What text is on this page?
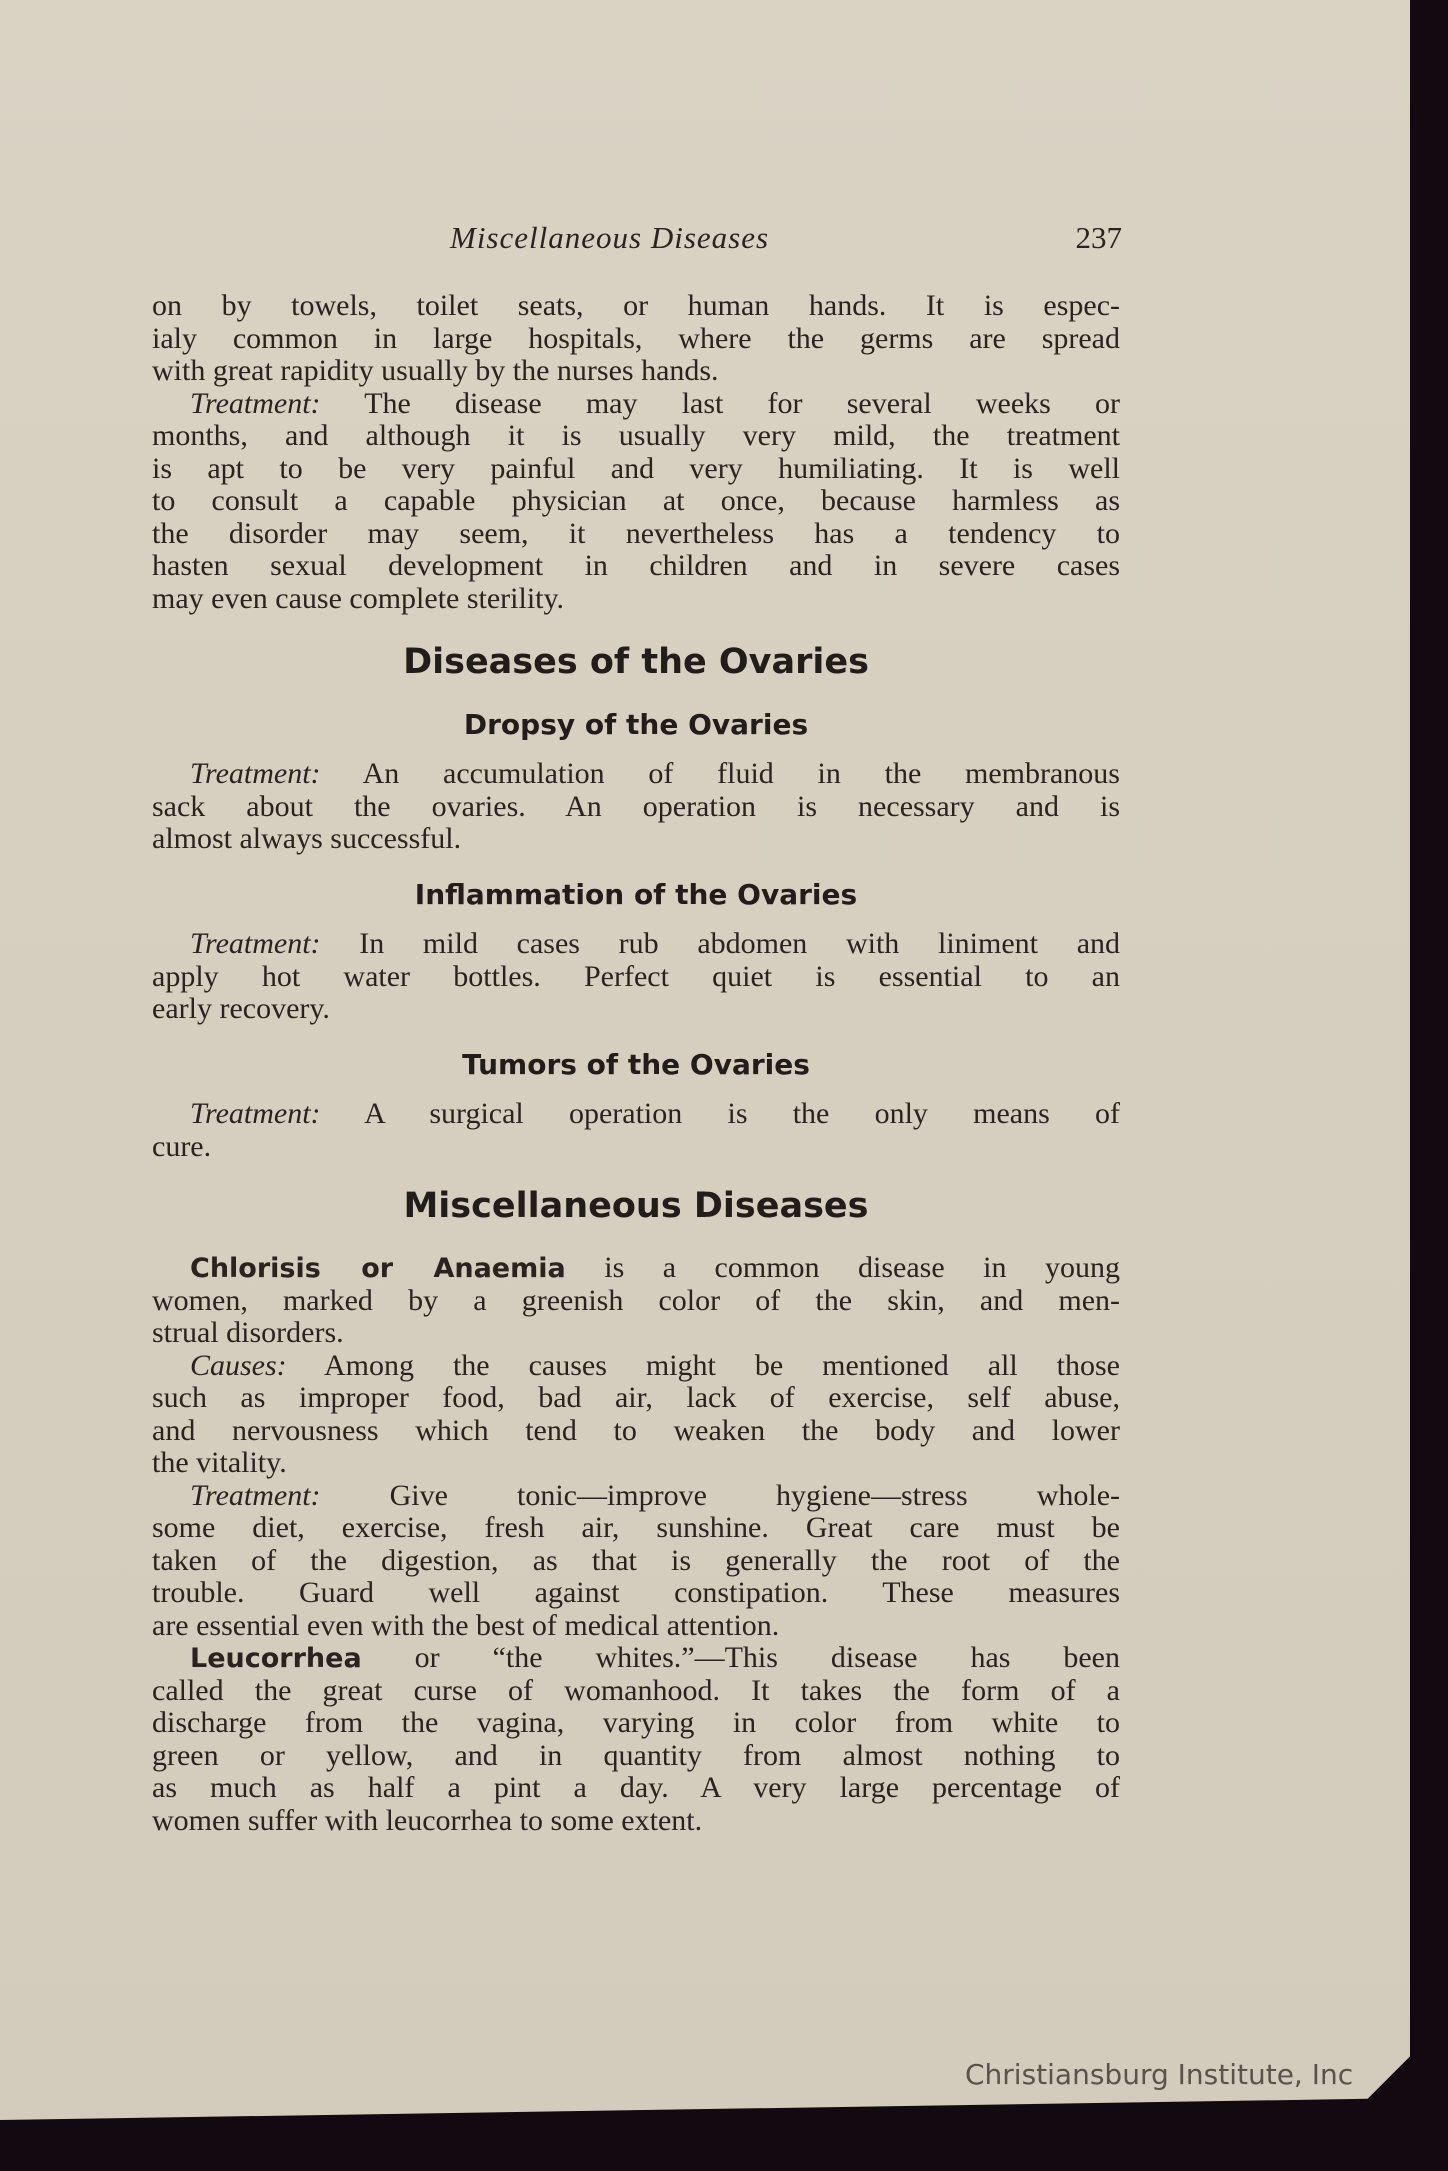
Miscellaneous Diseases	237
on by towels, toilet seats, or human hands. It is espec-
ialy common in large hospitals, where the germs are spread
with great rapidity usually by the nurses hands.
Treatment: The disease may last for several weeks or
months, and although it is usually very mild, the treatment
is apt to be very painful and very humiliating. It is well
to consult a capable physician at once, because harmless as
the disorder may seem, it nevertheless has a tendency to
hasten sexual development in children and in severe cases
may even cause complete sterility.
Diseases of the Ovaries
Dropsy of the Ovaries
Treatment: An accumulation of fluid in the membranous
sack about the ovaries. An operation is necessary and is
almost always successful.
Inflammation of the Ovaries
Treatment: In mild cases rub abdomen with liniment and
apply hot water bottles. Perfect quiet is essential to an
early recovery.
Tumors of the Ovaries
Treatment: A surgical operation is the only means of
cure.
Miscellaneous Diseases
Chlorisis or Anaemia is a common disease in young
women, marked by a greenish color of the skin, and men-
strual disorders.
Causes: Among the causes might be mentioned all those
such as improper food, bad air, lack of exercise, self abuse,
and nervousness which tend to weaken the body and lower
the vitality.
Treatment: Give tonic—improve hygiene—stress whole-
some diet, exercise, fresh air, sunshine. Great care must be
taken of the digestion, as that is generally the root of the
trouble. Guard well against constipation. These measures
are essential even with the best of medical attention.
Leucorrhea or “the whites.”—This disease has been
called the great curse of womanhood. It takes the form of a
discharge from the vagina, varying in color from white to
green or yellow, and in quantity from almost nothing to
as much as half a pint a day. A very large percentage of
women suffer with leucorrhea to some extent.
Christiansburg Institute, Inc
